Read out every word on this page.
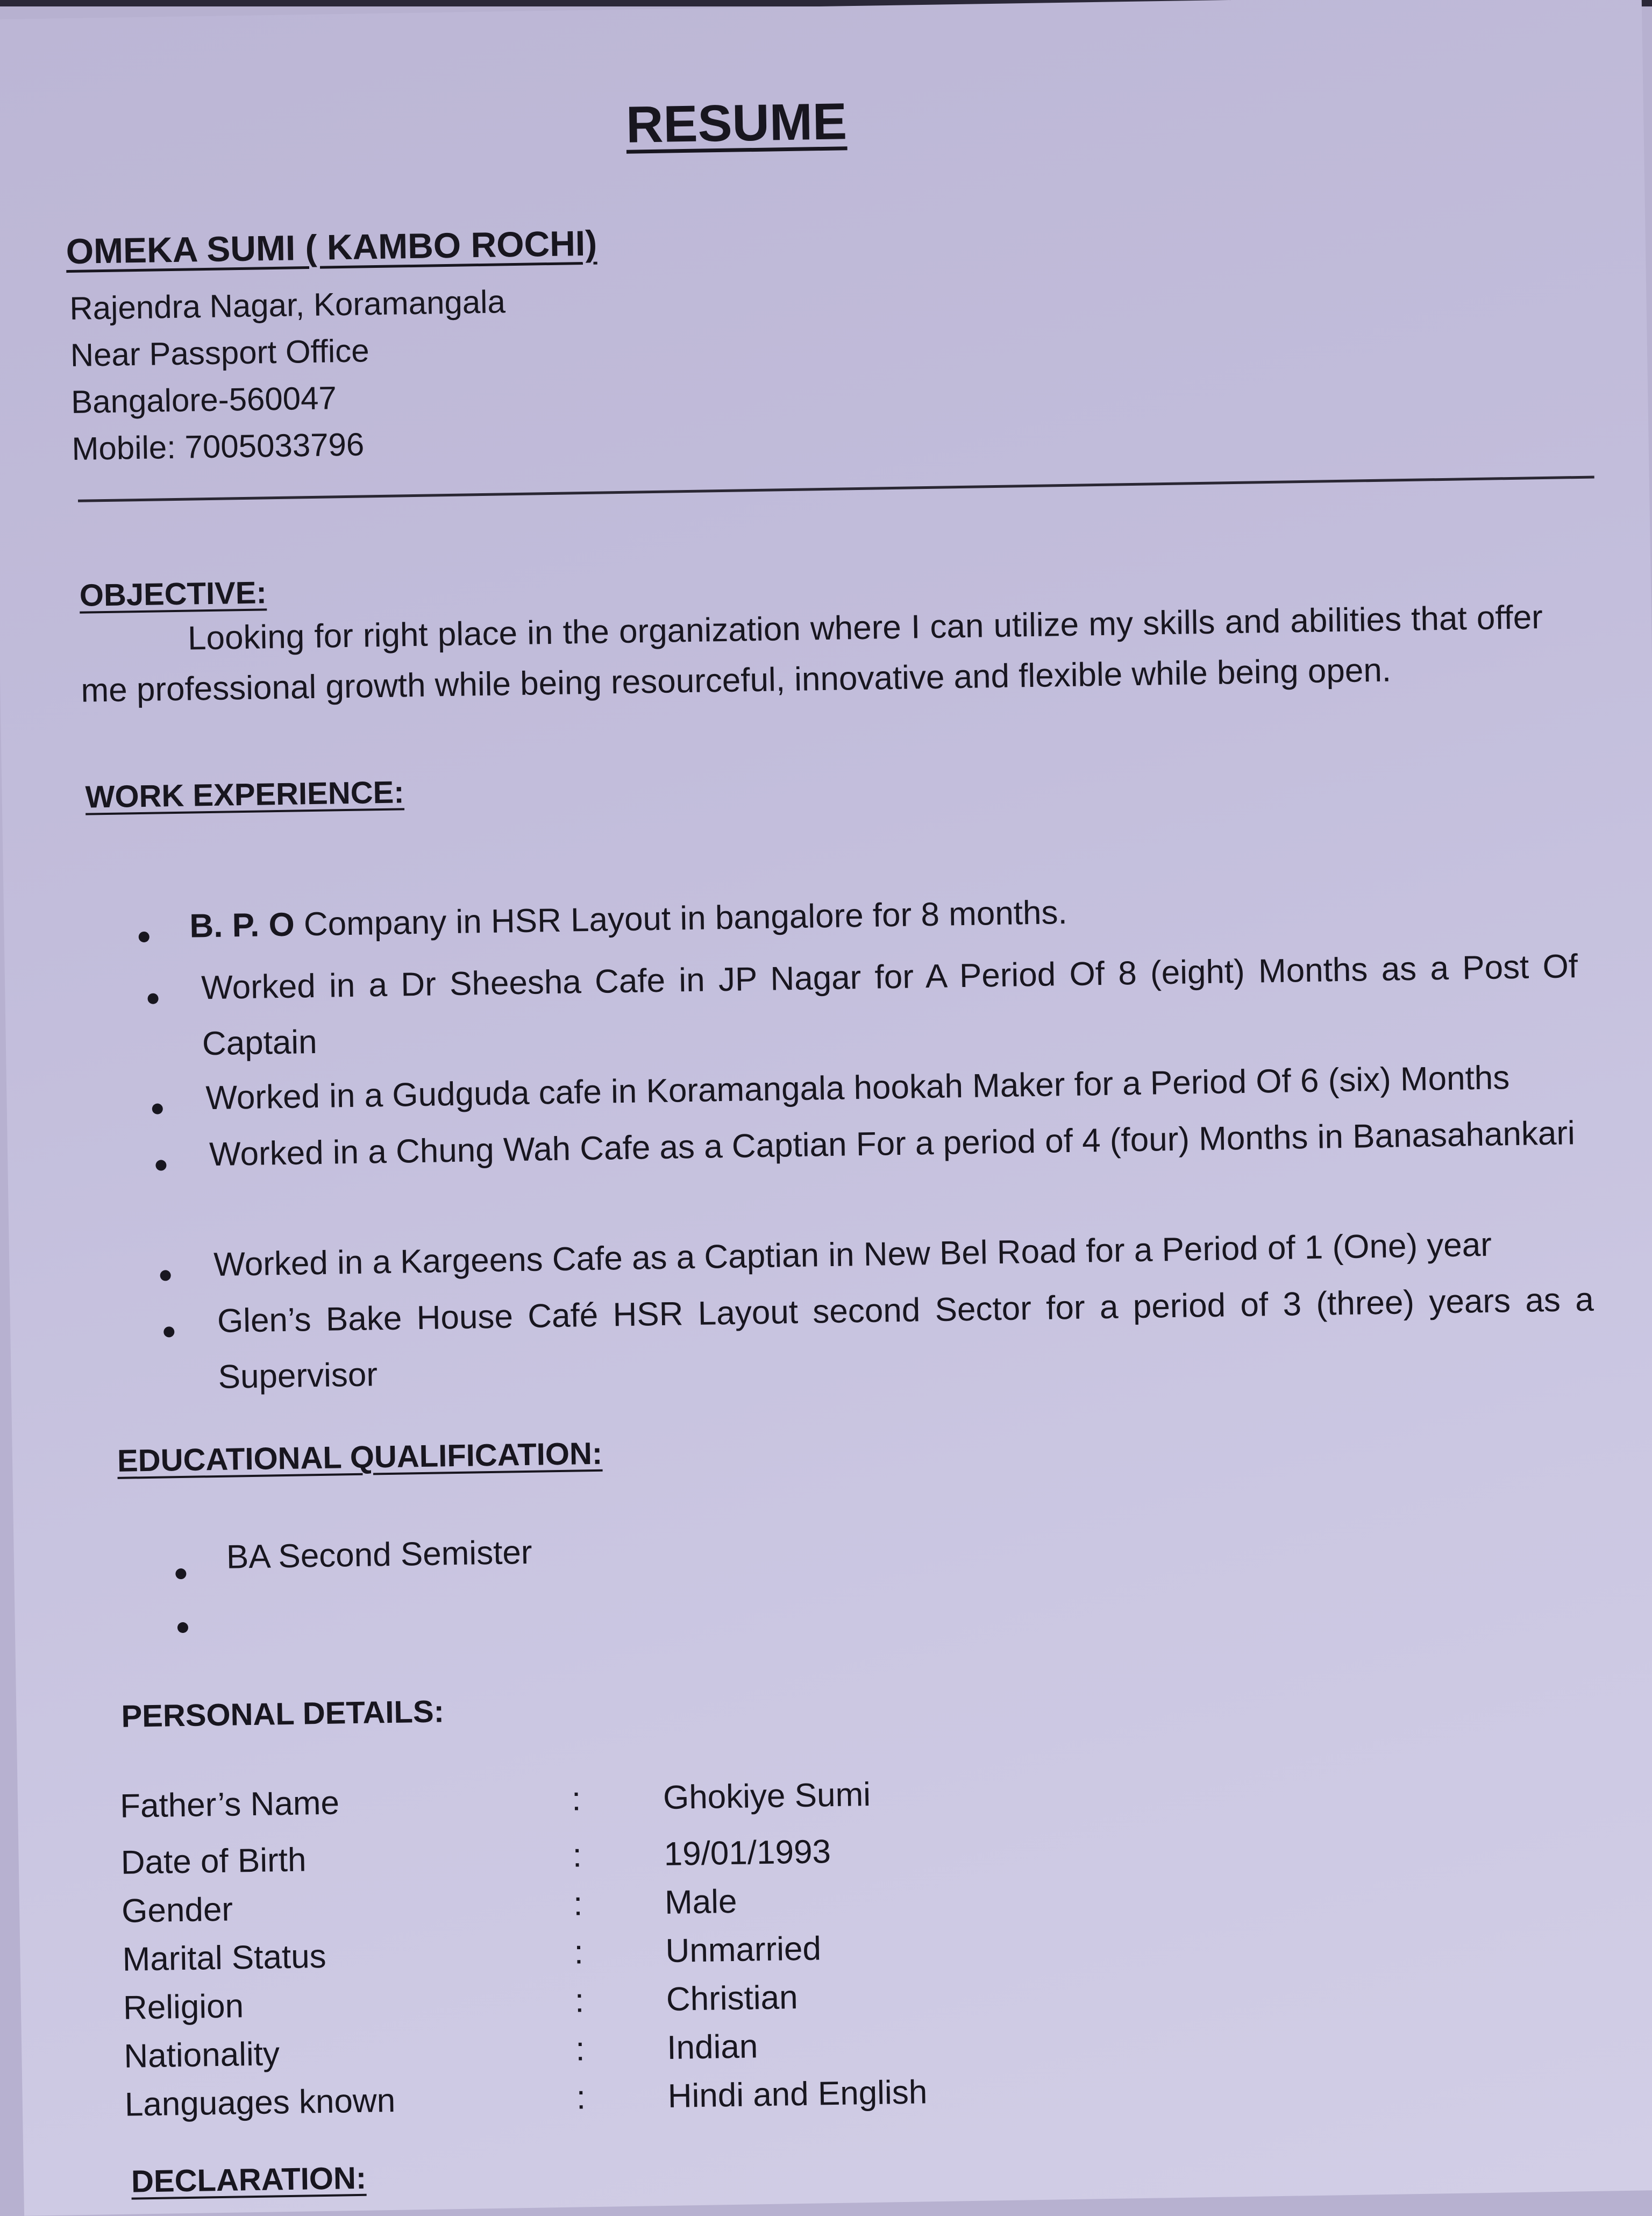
RESUME
OMEKA SUMI ( KAMBO ROCHI)
Rajendra Nagar, Koramangala
Near Passport Office
Bangalore-560047
Mobile: 7005033796
OBJECTIVE:
Looking for right place in the organization where I can utilize my skills and abilities that offer me professional growth while being resourceful, innovative and flexible while being open.
WORK EXPERIENCE:
B. P. O Company in HSR Layout in bangalore for 8 months.
Worked in a Dr Sheesha Cafe in JP Nagar for A Period Of 8 (eight) Months as a Post Of Captain
Worked in a Gudguda cafe in Koramangala hookah Maker for a Period Of 6 (six) Months
Worked in a Chung Wah Cafe as a Captian For a period of 4 (four) Months in Banasahankari
Worked in a Kargeens Cafe as a Captian in New Bel Road for a Period of 1 (One) year
Glen’s Bake House Café HSR Layout second Sector for a period of 3 (three) years as a Supervisor
EDUCATIONAL QUALIFICATION:
BA Second Semister
PERSONAL DETAILS:
Father’s Name	: Ghokiye Sumi
Date of Birth	: 19/01/1993
Gender	: Male
Marital Status	: Unmarried
Religion	: Christian
Nationality	: Indian
Languages known	: Hindi and English
DECLARATION:
